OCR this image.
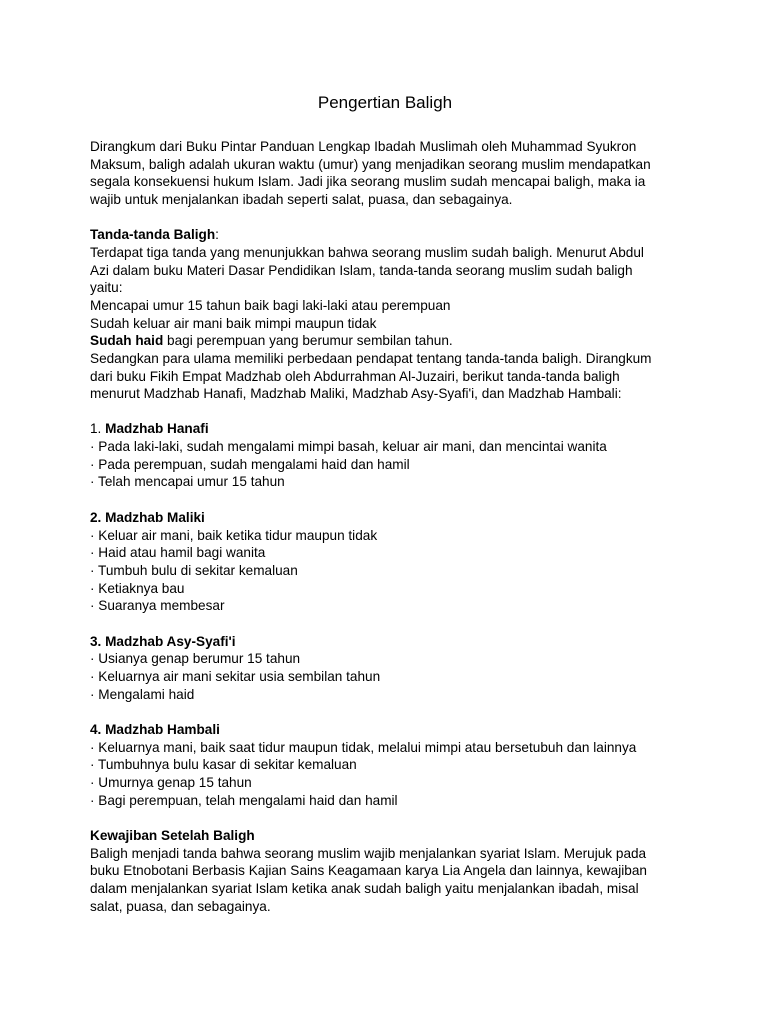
Pengertian Baligh
Dirangkum dari Buku Pintar Panduan Lengkap Ibadah Muslimah oleh Muhammad Syukron
Maksum, baligh adalah ukuran waktu (umur) yang menjadikan seorang muslim mendapatkan
segala konsekuensi hukum Islam. Jadi jika seorang muslim sudah mencapai baligh, maka ia
wajib untuk menjalankan ibadah seperti salat, puasa, dan sebagainya.
Tanda-tanda Baligh:
Terdapat tiga tanda yang menunjukkan bahwa seorang muslim sudah baligh. Menurut Abdul
Azi dalam buku Materi Dasar Pendidikan Islam, tanda-tanda seorang muslim sudah baligh
yaitu:
Mencapai umur 15 tahun baik bagi laki-laki atau perempuan
Sudah keluar air mani baik mimpi maupun tidak
Sudah haid bagi perempuan yang berumur sembilan tahun.
Sedangkan para ulama memiliki perbedaan pendapat tentang tanda-tanda baligh. Dirangkum
dari buku Fikih Empat Madzhab oleh Abdurrahman Al-Juzairi, berikut tanda-tanda baligh
menurut Madzhab Hanafi, Madzhab Maliki, Madzhab Asy-Syafi'i, dan Madzhab Hambali:
1. Madzhab Hanafi
· Pada laki-laki, sudah mengalami mimpi basah, keluar air mani, dan mencintai wanita
· Pada perempuan, sudah mengalami haid dan hamil
· Telah mencapai umur 15 tahun
2. Madzhab Maliki
· Keluar air mani, baik ketika tidur maupun tidak
· Haid atau hamil bagi wanita
· Tumbuh bulu di sekitar kemaluan
· Ketiaknya bau
· Suaranya membesar
3. Madzhab Asy-Syafi'i
· Usianya genap berumur 15 tahun
· Keluarnya air mani sekitar usia sembilan tahun
· Mengalami haid
4. Madzhab Hambali
· Keluarnya mani, baik saat tidur maupun tidak, melalui mimpi atau bersetubuh dan lainnya
· Tumbuhnya bulu kasar di sekitar kemaluan
· Umurnya genap 15 tahun
· Bagi perempuan, telah mengalami haid dan hamil
Kewajiban Setelah Baligh
Baligh menjadi tanda bahwa seorang muslim wajib menjalankan syariat Islam. Merujuk pada
buku Etnobotani Berbasis Kajian Sains Keagamaan karya Lia Angela dan lainnya, kewajiban
dalam menjalankan syariat Islam ketika anak sudah baligh yaitu menjalankan ibadah, misal
salat, puasa, dan sebagainya.
